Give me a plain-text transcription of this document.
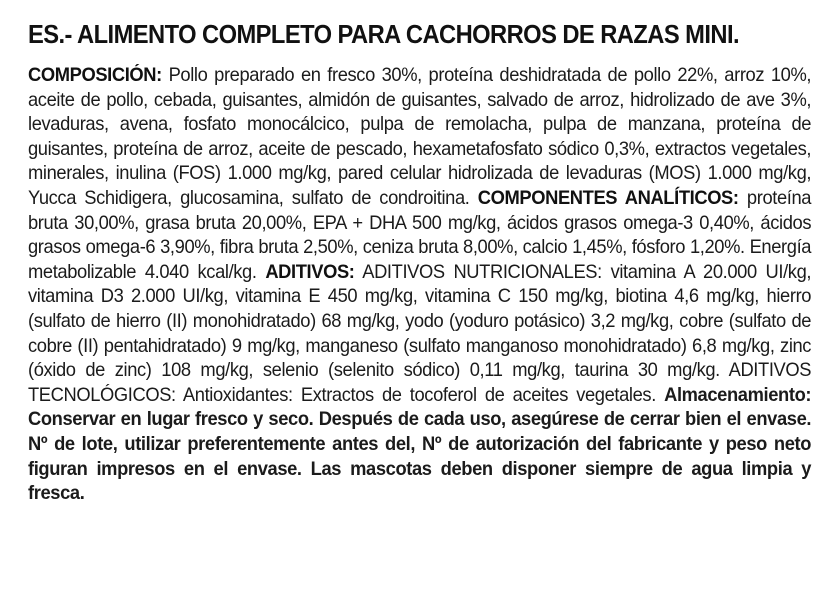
ES.- ALIMENTO COMPLETO PARA CACHORROS DE RAZAS MINI.

COMPOSICIÓN: Pollo preparado en fresco 30%, proteína deshidratada de pollo 22%, arroz 10%, aceite de pollo, cebada, guisantes, almidón de guisantes, salvado de arroz, hidrolizado de ave 3%, levaduras, avena, fosfato monocálcico, pulpa de remolacha, pulpa de manzana, proteína de guisantes, proteína de arroz, aceite de pescado, hexametafosfato sódico 0,3%, extractos vegetales, minerales, inulina (FOS) 1.000 mg/kg, pared celular hidrolizada de levaduras (MOS) 1.000 mg/kg, Yucca Schidigera, glucosamina, sulfato de condroitina. COMPONENTES ANALÍTICOS: proteína bruta 30,00%, grasa bruta 20,00%, EPA + DHA 500 mg/kg, ácidos grasos omega-3 0,40%, ácidos grasos omega-6 3,90%, fibra bruta 2,50%, ceniza bruta 8,00%, calcio 1,45%, fósforo 1,20%. Energía metabolizable 4.040 kcal/kg. ADITIVOS: ADITIVOS NUTRICIONALES: vitamina A 20.000 UI/kg, vitamina D3 2.000 UI/kg, vitamina E 450 mg/kg, vitamina C 150 mg/kg, biotina 4,6 mg/kg, hierro (sulfato de hierro (II) monohidratado) 68 mg/kg, yodo (yoduro potásico) 3,2 mg/kg, cobre (sulfato de cobre (II) pentahidratado) 9 mg/kg, manganeso (sulfato manganoso monohidratado) 6,8 mg/kg, zinc (óxido de zinc) 108 mg/kg, selenio (selenito sódico) 0,11 mg/kg, taurina 30 mg/kg. ADITIVOS TECNOLÓGICOS: Antioxidantes: Extractos de tocoferol de aceites vegetales. Almacenamiento: Conservar en lugar fresco y seco. Después de cada uso, asegúrese de cerrar bien el envase. Nº de lote, utilizar preferentemente antes del, Nº de autorización del fabricante y peso neto figuran impresos en el envase. Las mascotas deben disponer siempre de agua limpia y fresca.
